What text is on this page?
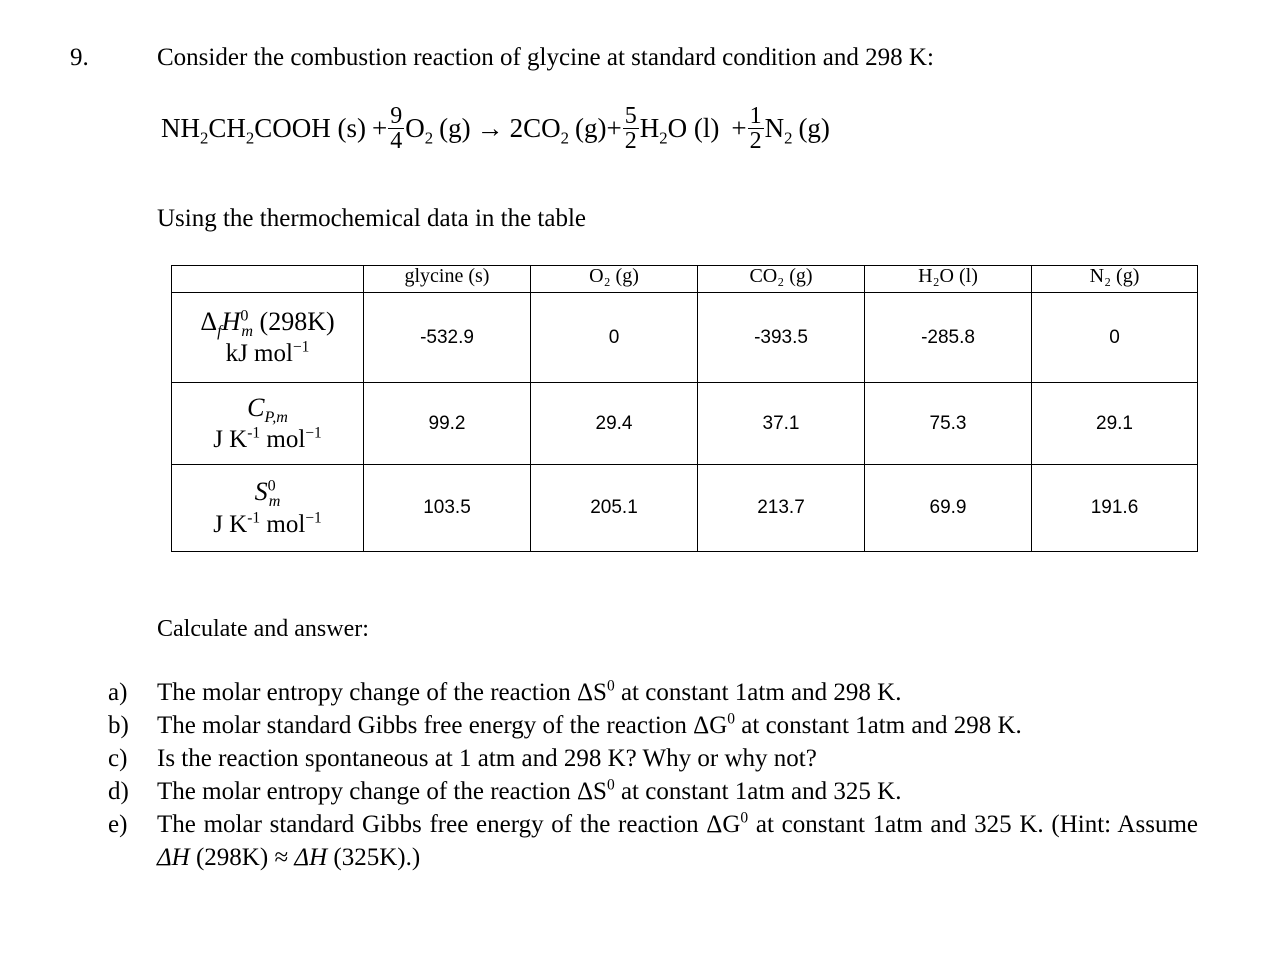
9.	Consider the combustion reaction of glycine at standard condition and 298 K:
$NH_2CH_2COOH$ $(s) + \frac{9}{4} O_2$ $(g) \to 2CO_2$ $(g) + \frac{5}{2} H_2O$ $(l) + \frac{1}{2} N_2$ (g)
Using the thermochemical data in the table
	glycine (s)	O₂ (g)	CO₂ (g)	H₂O (l)	N₂ (g)

$\Delta_fH^0_m$ (298K)
kJ mol$^{-1}$	-532.9	0	-393.5	-285.8	0

$C_{P,m}$
J $K^{-1}$ mol$^{-1}$	99.2	29.4	37.1	75.3	29.1

$S^0_m$
J $K^{-1}$ mol$^{-1}$	103.5	205.1	213.7	69.9	191.6
Calculate and answer:
a)	The molar entropy change of the reaction $\Delta S^0$ at constant 1atm and 298 K.
b)	The molar standard Gibbs free energy of the reaction $\Delta G^0$ at constant 1atm and 298 K.
c)	Is the reaction spontaneous at 1 atm and 298 K? Why or why not?
d)	The molar entropy change of the reaction $\Delta S^0$ at constant 1atm and 325 K.
e)	The molar standard Gibbs free energy of the reaction $\Delta G^0$ at constant 1atm and 325 K. (Hint: Assume ΔH (298K) ≈ ΔH (325K).)
